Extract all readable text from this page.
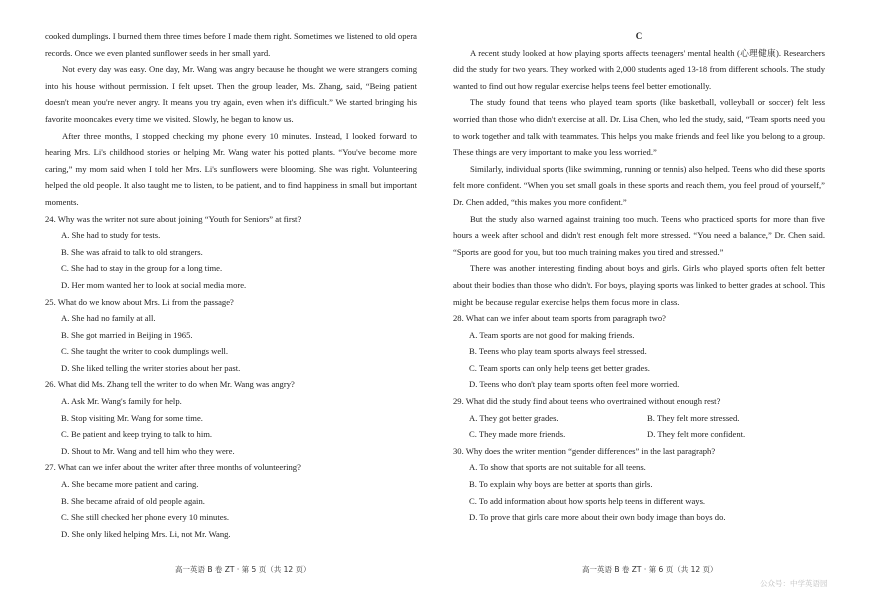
cooked dumplings. I burned them three times before I made them right. Sometimes we listened to old opera records. Once we even planted sunflower seeds in her small yard.

Not every day was easy. One day, Mr. Wang was angry because he thought we were strangers coming into his house without permission. I felt upset. Then the group leader, Ms. Zhang, said, “Being patient doesn't mean you're never angry. It means you try again, even when it's difficult.” We started bringing his favorite mooncakes every time we visited. Slowly, he began to know us.

After three months, I stopped checking my phone every 10 minutes. Instead, I looked forward to hearing Mrs. Li's childhood stories or helping Mr. Wang water his potted plants. “You've become more caring,” my mom said when I told her Mrs. Li's sunflowers were blooming. She was right. Volunteering helped the old people. It also taught me to listen, to be patient, and to find happiness in small but important moments.

24. Why was the writer not sure about joining “Youth for Seniors” at first?

A. She had to study for tests.

B. She was afraid to talk to old strangers.

C. She had to stay in the group for a long time.

D. Her mom wanted her to look at social media more.

25. What do we know about Mrs. Li from the passage?

A. She had no family at all.

B. She got married in Beijing in 1965.

C. She taught the writer to cook dumplings well.

D. She liked telling the writer stories about her past.

26. What did Ms. Zhang tell the writer to do when Mr. Wang was angry?

A. Ask Mr. Wang's family for help.

B. Stop visiting Mr. Wang for some time.

C. Be patient and keep trying to talk to him.

D. Shout to Mr. Wang and tell him who they were.

27. What can we infer about the writer after three months of volunteering?

A. She became more patient and caring.

B. She became afraid of old people again.

C. She still checked her phone every 10 minutes.

D. She only liked helping Mrs. Li, not Mr. Wang.

C

A recent study looked at how playing sports affects teenagers' mental health (心理健康). Researchers did the study for two years. They worked with 2,000 students aged 13-18 from different schools. The study wanted to find out how regular exercise helps teens feel better emotionally.

The study found that teens who played team sports (like basketball, volleyball or soccer) felt less worried than those who didn't exercise at all. Dr. Lisa Chen, who led the study, said, “Team sports need you to work together and talk with teammates. This helps you make friends and feel like you belong to a group. These things are very important to make you less worried.”

Similarly, individual sports (like swimming, running or tennis) also helped. Teens who did these sports felt more confident. “When you set small goals in these sports and reach them, you feel proud of yourself,” Dr. Chen added, “this makes you more confident.”

But the study also warned against training too much. Teens who practiced sports for more than five hours a week after school and didn't rest enough felt more stressed. “You need a balance,” Dr. Chen said. “Sports are good for you, but too much training makes you tired and stressed.”

There was another interesting finding about boys and girls. Girls who played sports often felt better about their bodies than those who didn't. For boys, playing sports was linked to better grades at school. This might be because regular exercise helps them focus more in class.

28. What can we infer about team sports from paragraph two?

A. Team sports are not good for making friends.

B. Teens who play team sports always feel stressed.

C. Team sports can only help teens get better grades.

D. Teens who don't play team sports often feel more worried.

29. What did the study find about teens who overtrained without enough rest?

A. They got better grades.	B. They felt more stressed.
C. They made more friends.	D. They felt more confident.

30. Why does the writer mention “gender differences” in the last paragraph?

A. To show that sports are not suitable for all teens.

B. To explain why boys are better at sports than girls.

C. To add information about how sports help teens in different ways.

D. To prove that girls care more about their own body image than boys do.

高一英语 B 卷 ZT · 第 5 页（共 12 页）	高一英语 B 卷 ZT · 第 6 页（共 12 页）
公众号：中学英语园
